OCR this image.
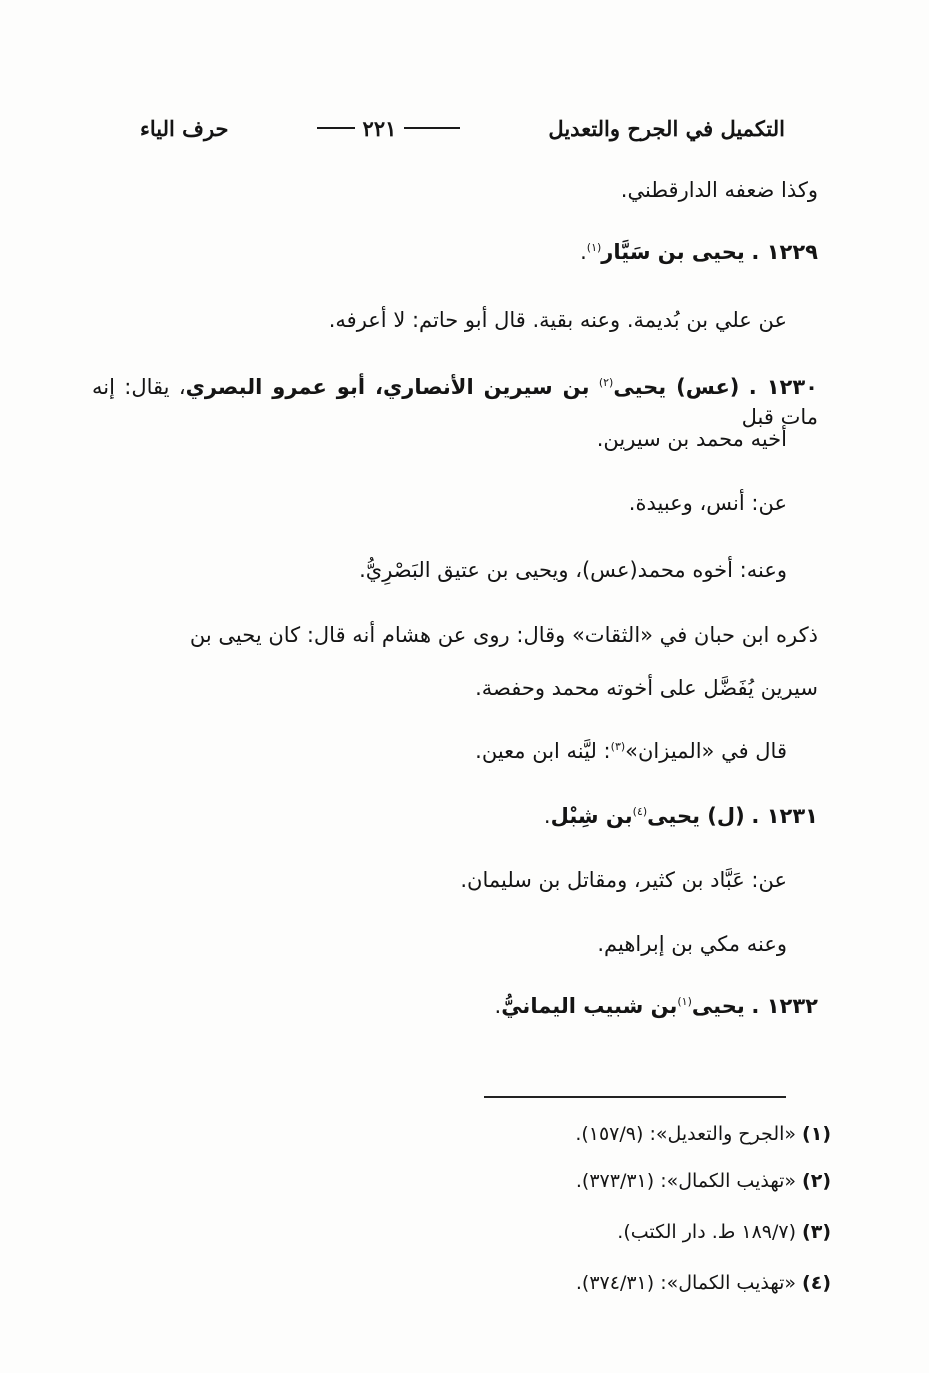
التكميل في الجرح والتعديل
٢٢١
حرف الياء
وكذا ضعفه الدارقطني.
١٢٢٩ . يحيى بن سَيَّار$^{(١)}$.
عن علي بن بُديمة. وعنه بقية. قال أبو حاتم: لا أعرفه.
١٢٣٠ . (عس) يحيى$^{(٢)}$ بن سيرين الأنصاري، أبو عمرو البصري، يقال: إنه مات قبل
أخيه محمد بن سيرين.
عن: أنس، وعبيدة.
وعنه: أخوه محمد(عس)، ويحيى بن عتيق البَصْرِيُّ.
ذكره ابن حبان في «الثقات» وقال: روى عن هشام أنه قال: كان يحيى بن
سيرين يُفَضَّل على أخوته محمد وحفصة.
قال في «الميزان»$^{(٣)}$: ليَّنه ابن معين.
١٢٣١ . (ل) يحيى$^{(٤)}$بن شِبْل.
عن: عَبَّاد بن كثير، ومقاتل بن سليمان.
وعنه مكي بن إبراهيم.
١٢٣٢ . يحيى$^{(١)}$بن شبيب اليمانيُّ.
(١)«الجرح والتعديل»: (١٥٧/٩).
(٢)«تهذيب الكمال»: (٣٧٣/٣١).
(٣)(١٨٩/٧ ط. دار الكتب).
(٤)«تهذيب الكمال»: (٣٧٤/٣١).
